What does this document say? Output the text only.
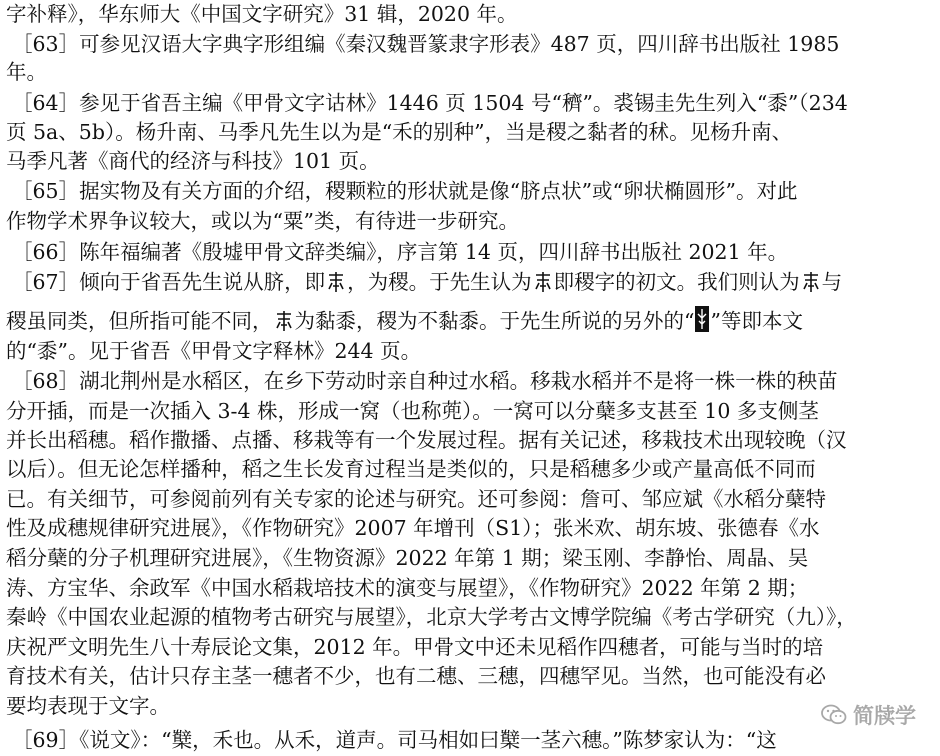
字补释》，华东师大《中国文字研究》31 辑，2020 年。
［63］可参见汉语大字典字形组编《秦汉魏晋篆隶字形表》487 页，四川辞书出版社 1985
年。
［64］参见于省吾主编《甲骨文字诂林》1446 页 1504 号“穧”。裘锡圭先生列入“黍”（234
页 5a、5b）。杨升南、马季凡先生以为是“禾的别种”，当是稷之黏者的秫。见杨升南、
马季凡著《商代的经济与科技》101 页。
［65］据实物及有关方面的介绍，稷颗粒的形状就是像“脐点状”或“卵状椭圆形”。对此
作物学术界争议较大，或以为“粟”类，有待进一步研究。
［66］陈年福编著《殷墟甲骨文辞类编》，序言第 14 页，四川辞书出版社 2021 年。
［67］倾向于省吾先生说从脐，即 ，为稷。于先生认为 即稷字的初文。我们则认为 与
稷虽同类，但所指可能不同， 为黏黍，稷为不黏黍。于先生所说的另外的“ ”等即本文
的“黍”。见于省吾《甲骨文字释林》244 页。
［68］湖北荆州是水稻区，在乡下劳动时亲自种过水稻。移栽水稻并不是将一株一株的秧苗
分开插，而是一次插入 3-4 株，形成一窝（也称蔸）。一窝可以分蘖多支甚至 10 多支侧茎
并长出稻穗。稻作撒播、点播、移栽等有一个发展过程。据有关记述，移栽技术出现较晚（汉
以后）。但无论怎样播种，稻之生长发育过程当是类似的，只是稻穗多少或产量高低不同而
已。有关细节，可参阅前列有关专家的论述与研究。还可参阅：詹可、邹应斌《水稻分蘖特
性及成穗规律研究进展》，《作物研究》2007 年增刊（S1）；张米欢、胡东坡、张德春《水
稻分蘖的分子机理研究进展》，《生物资源》2022 年第 1 期；梁玉刚、李静怡、周晶、吴
涛、方宝华、余政军《中国水稻栽培技术的演变与展望》，《作物研究》2022 年第 2 期；
秦岭《中国农业起源的植物考古研究与展望》，北京大学考古文博学院编《考古学研究（九）》，
庆祝严文明先生八十寿辰论文集，2012 年。甲骨文中还未见稻作四穗者，可能与当时的培
育技术有关，估计只存主茎一穗者不少，也有二穗、三穗，四穗罕见。当然，也可能没有必
要均表现于文字。
［69］《说文》：“櫱，禾也。从禾，道声。司马相如曰櫱一茎六穗。”陈梦家认为：“这
简牍学
